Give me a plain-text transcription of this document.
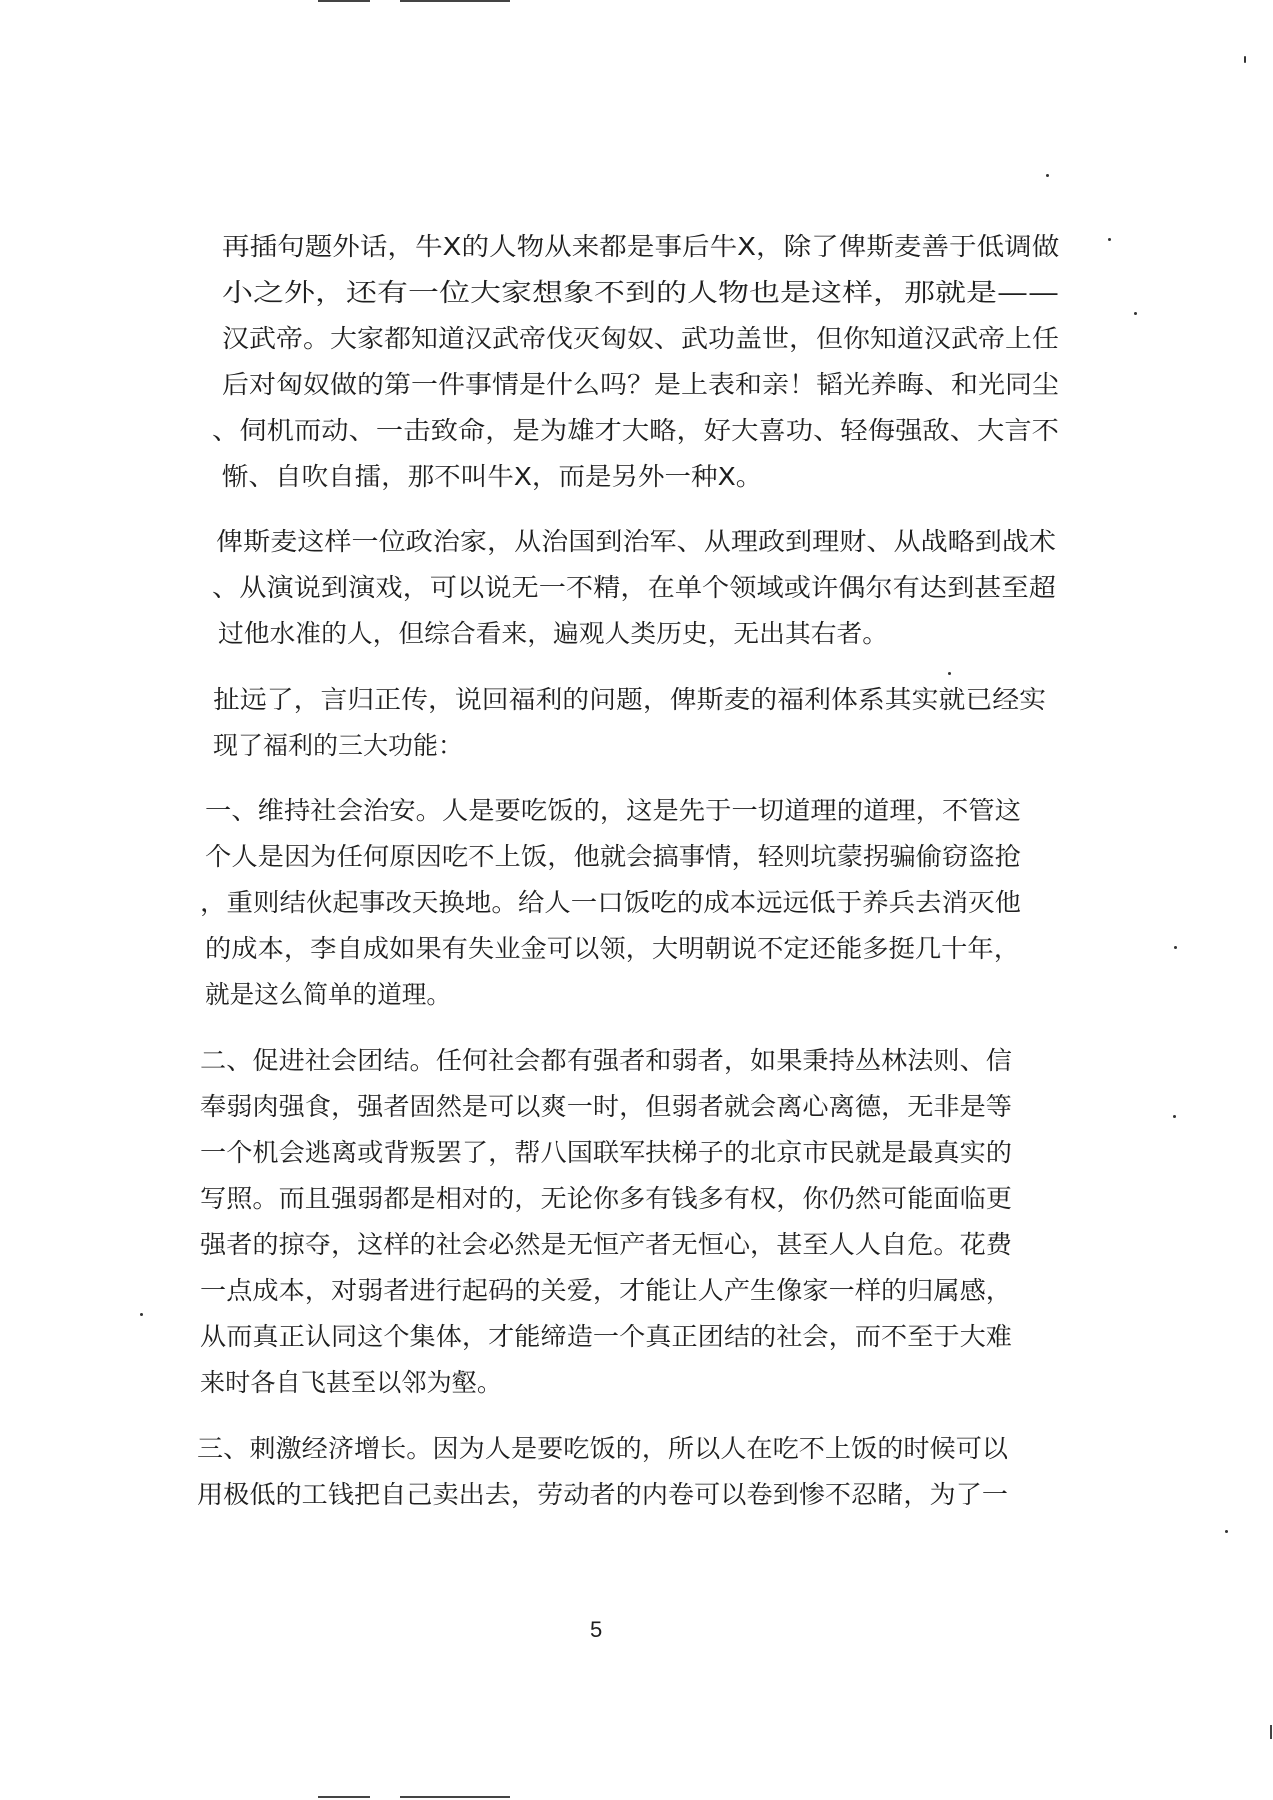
再插句题外话，牛X的人物从来都是事后牛X，除了俾斯麦善于低调做
小之外，还有一位大家想象不到的人物也是这样，那就是——
汉武帝。大家都知道汉武帝伐灭匈奴、武功盖世，但你知道汉武帝上任
后对匈奴做的第一件事情是什么吗？是上表和亲！韬光养晦、和光同尘
、伺机而动、一击致命，是为雄才大略，好大喜功、轻侮强敌、大言不
惭、自吹自擂，那不叫牛X，而是另外一种X。
俾斯麦这样一位政治家，从治国到治军、从理政到理财、从战略到战术
、从演说到演戏，可以说无一不精，在单个领域或许偶尔有达到甚至超
过他水准的人，但综合看来，遍观人类历史，无出其右者。
扯远了，言归正传，说回福利的问题，俾斯麦的福利体系其实就已经实
现了福利的三大功能：
一、维持社会治安。人是要吃饭的，这是先于一切道理的道理，不管这
个人是因为任何原因吃不上饭，他就会搞事情，轻则坑蒙拐骗偷窃盗抢
，重则结伙起事改天换地。给人一口饭吃的成本远远低于养兵去消灭他
的成本，李自成如果有失业金可以领，大明朝说不定还能多挺几十年，
就是这么简单的道理。
二、促进社会团结。任何社会都有强者和弱者，如果秉持丛林法则、信
奉弱肉强食，强者固然是可以爽一时，但弱者就会离心离德，无非是等
一个机会逃离或背叛罢了，帮八国联军扶梯子的北京市民就是最真实的
写照。而且强弱都是相对的，无论你多有钱多有权，你仍然可能面临更
强者的掠夺，这样的社会必然是无恒产者无恒心，甚至人人自危。花费
一点成本，对弱者进行起码的关爱，才能让人产生像家一样的归属感，
从而真正认同这个集体，才能缔造一个真正团结的社会，而不至于大难
来时各自飞甚至以邻为壑。
三、刺激经济增长。因为人是要吃饭的，所以人在吃不上饭的时候可以
用极低的工钱把自己卖出去，劳动者的内卷可以卷到惨不忍睹，为了一
5
